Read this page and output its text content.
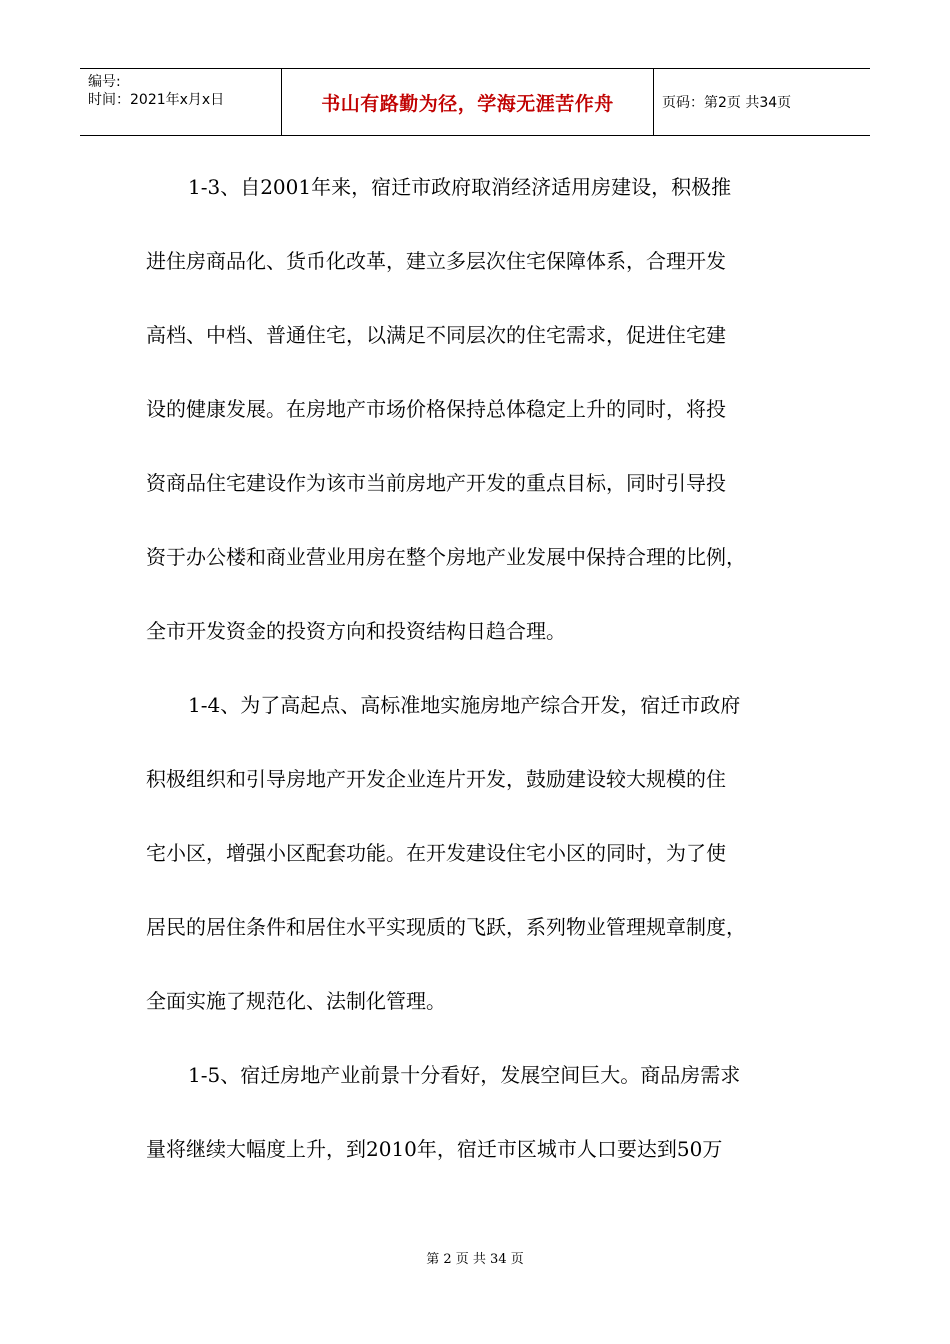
编号:
时间：2021年x月x日	书山有路勤为径，学海无涯苦作舟	页码：第2页 共34页
1-3、自2001年来，宿迁市政府取消经济适用房建设，积极推
进住房商品化、货币化改革，建立多层次住宅保障体系，合理开发
高档、中档、普通住宅，以满足不同层次的住宅需求，促进住宅建
设的健康发展。在房地产市场价格保持总体稳定上升的同时，将投
资商品住宅建设作为该市当前房地产开发的重点目标，同时引导投
资于办公楼和商业营业用房在整个房地产业发展中保持合理的比例，
全市开发资金的投资方向和投资结构日趋合理。
1-4、为了高起点、高标准地实施房地产综合开发，宿迁市政府
积极组织和引导房地产开发企业连片开发，鼓励建设较大规模的住
宅小区，增强小区配套功能。在开发建设住宅小区的同时，为了使
居民的居住条件和居住水平实现质的飞跃，系列物业管理规章制度，
全面实施了规范化、法制化管理。
1-5、宿迁房地产业前景十分看好，发展空间巨大。商品房需求
量将继续大幅度上升，到2010年，宿迁市区城市人口要达到50万
第 2 页 共 34 页
